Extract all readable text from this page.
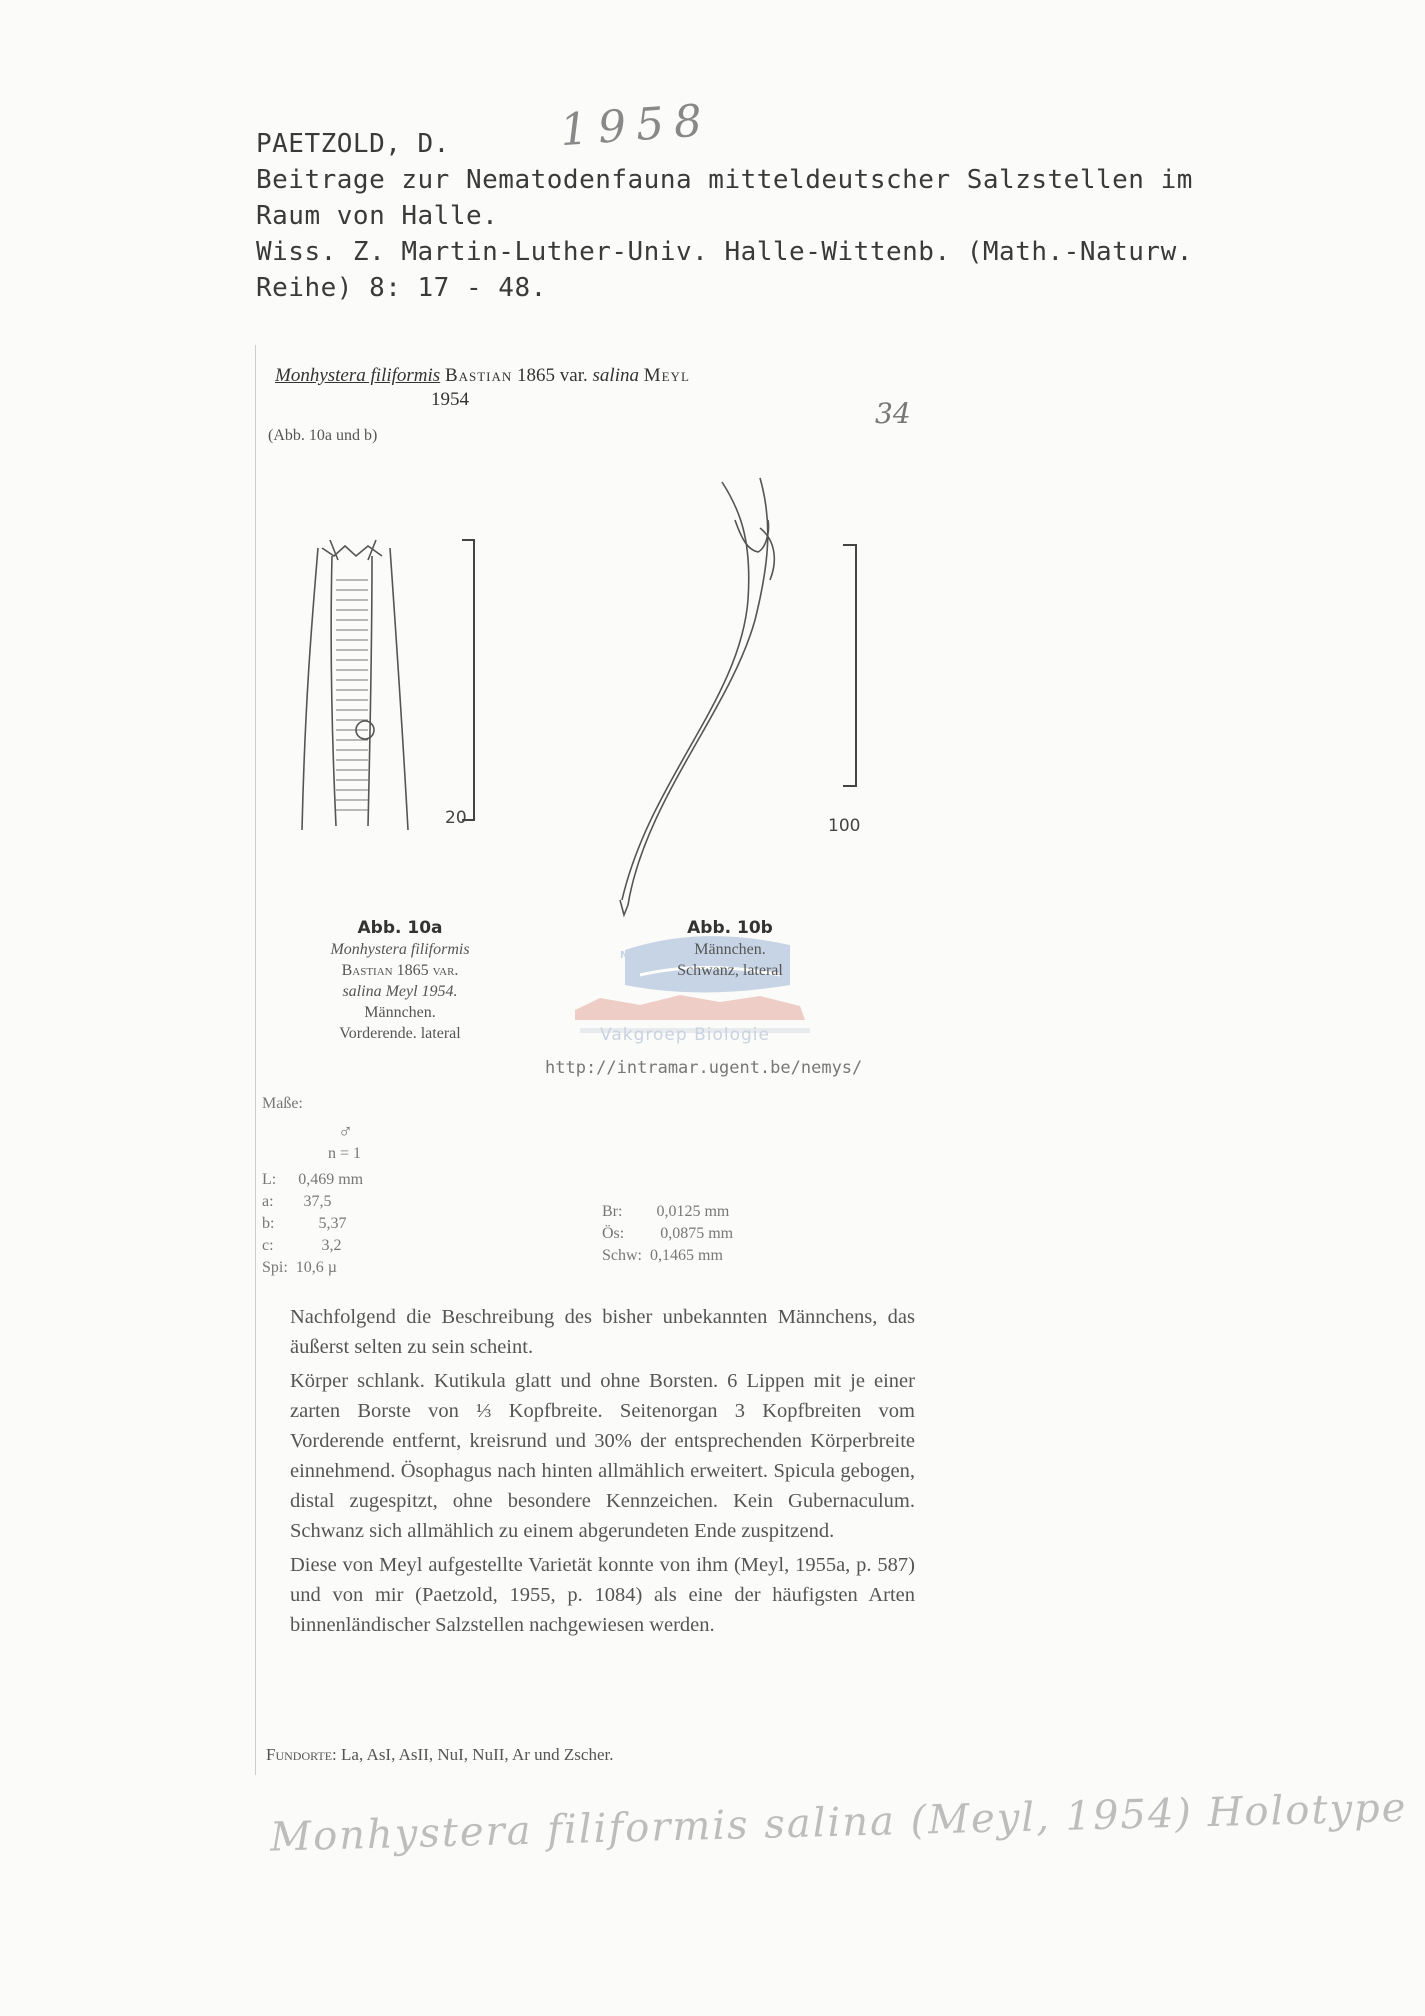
PAETZOLD, D.
Beitrage zur Nematodenfauna mitteldeutscher Salzstellen im
Raum von Halle.
Wiss. Z. Martin-Luther-Univ. Halle-Wittenb. (Math.-Naturw.
Reihe) 8: 17 - 48.
1958
Monhystera filiformis Bastian 1865 var. salina Meyl
1954	34
(Abb. 10a und b)
20	100
Abb. 10a
Monhystera filiformis
Bastian 1865 var.
salina Meyl 1954.
Männchen.
Vorderende. lateral
Abb. 10b
Männchen.
Schwanz, lateral
Marine
Vakgroep Biologie
http://intramar.ugent.be/nemys/
Maße:
♂
n = 1
L: 0,469 mm
a: 37,5
b:	5,37
c:	3,2
Spi: 10,6 µ
Br: 0,0125 mm
Ös: 0,0875 mm
Schw: 0,1465 mm

Nachfolgend die Beschreibung des bisher unbekannten Männchens, das äußerst selten zu sein scheint.

Körper schlank. Kutikula glatt und ohne Borsten. 6 Lippen mit je einer zarten Borste von ⅓ Kopfbreite. Seitenorgan 3 Kopfbreiten vom Vorderende entfernt, kreisrund und 30% der entsprechenden Körperbreite einnehmend. Ösophagus nach hinten allmählich erweitert. Spicula gebogen, distal zugespitzt, ohne besondere Kennzeichen. Kein Gubernaculum. Schwanz sich allmählich zu einem abgerundeten Ende zuspitzend.

Diese von Meyl aufgestellte Varietät konnte von ihm (Meyl, 1955a, p. 587) und von mir (Paetzold, 1955, p. 1084) als eine der häufigsten Arten binnenländischer Salzstellen nachgewiesen werden.

Fundorte: La, AsI, AsII, NuI, NuII, Ar und Zscher.
Monhystera filiformis salina (Meyl, 1954) Holotype
